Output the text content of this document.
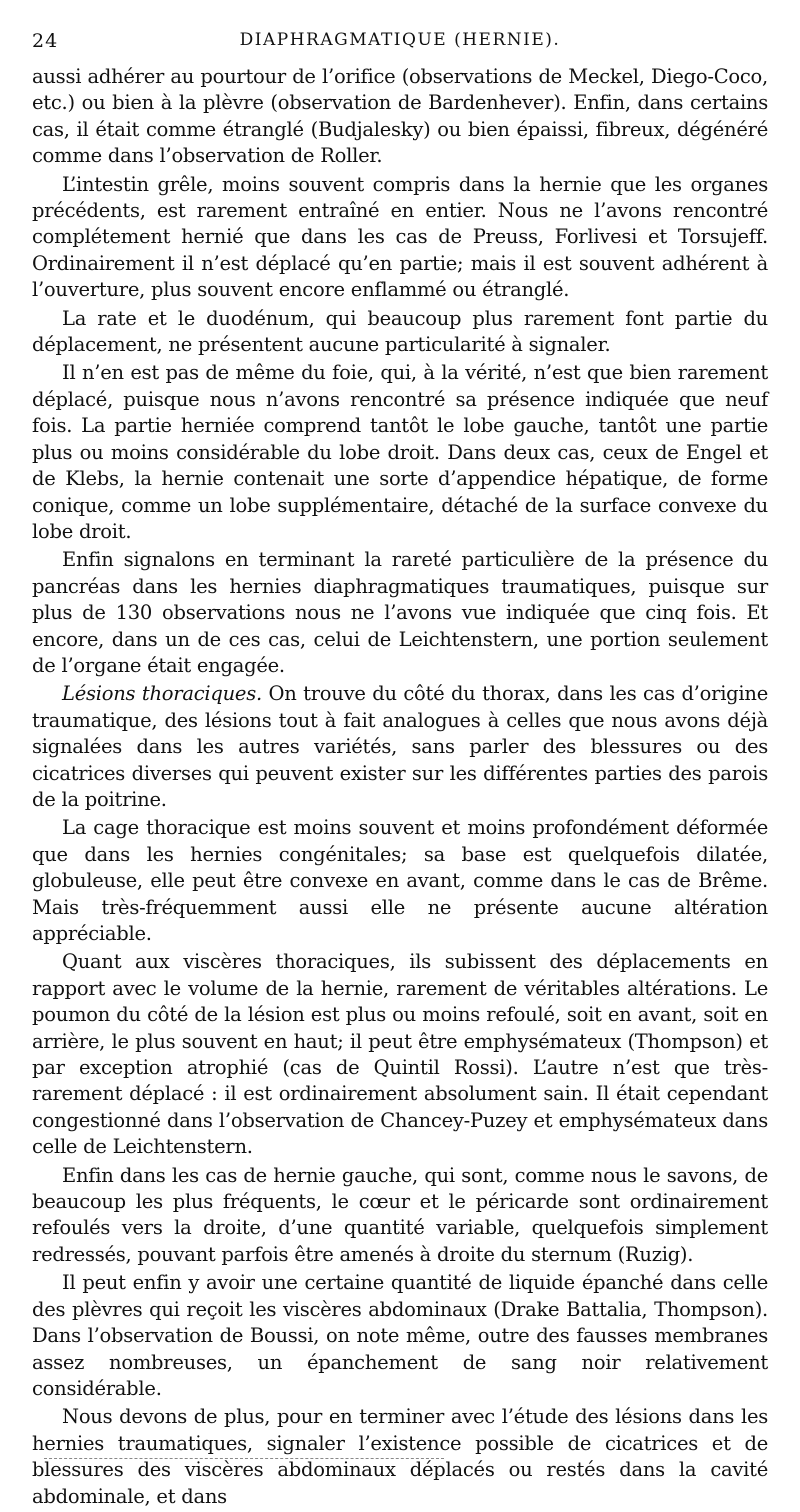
24	DIAPHRAGMATIQUE (HERNIE).

aussi adhérer au pourtour de l’orifice (observations de Meckel, Diego-Coco, etc.) ou bien à la plèvre (observation de Bardenhever). Enfin, dans certains cas, il était comme étranglé (Budjalesky) ou bien épaissi, fibreux, dégénéré comme dans l’observation de Roller.

L’intestin grêle, moins souvent compris dans la hernie que les organes précédents, est rarement entraîné en entier. Nous ne l’avons rencontré complétement hernié que dans les cas de Preuss, Forlivesi et Torsujeff. Ordinairement il n’est déplacé qu’en partie; mais il est souvent adhérent à l’ouverture, plus souvent encore enflammé ou étranglé.

La rate et le duodénum, qui beaucoup plus rarement font partie du déplacement, ne présentent aucune particularité à signaler.

Il n’en est pas de même du foie, qui, à la vérité, n’est que bien rarement déplacé, puisque nous n’avons rencontré sa présence indiquée que neuf fois. La partie herniée comprend tantôt le lobe gauche, tantôt une partie plus ou moins considérable du lobe droit. Dans deux cas, ceux de Engel et de Klebs, la hernie contenait une sorte d’appendice hépatique, de forme conique, comme un lobe supplémentaire, détaché de la surface convexe du lobe droit.

Enfin signalons en terminant la rareté particulière de la présence du pancréas dans les hernies diaphragmatiques traumatiques, puisque sur plus de 130 observations nous ne l’avons vue indiquée que cinq fois. Et encore, dans un de ces cas, celui de Leichtenstern, une portion seulement de l’organe était engagée.

Lésions thoraciques. On trouve du côté du thorax, dans les cas d’origine traumatique, des lésions tout à fait analogues à celles que nous avons déjà signalées dans les autres variétés, sans parler des blessures ou des cicatrices diverses qui peuvent exister sur les différentes parties des parois de la poitrine.

La cage thoracique est moins souvent et moins profondément déformée que dans les hernies congénitales; sa base est quelquefois dilatée, globuleuse, elle peut être convexe en avant, comme dans le cas de Brême. Mais très-fréquemment aussi elle ne présente aucune altération appréciable.

Quant aux viscères thoraciques, ils subissent des déplacements en rapport avec le volume de la hernie, rarement de véritables altérations. Le poumon du côté de la lésion est plus ou moins refoulé, soit en avant, soit en arrière, le plus souvent en haut; il peut être emphysémateux (Thompson) et par exception atrophié (cas de Quintil Rossi). L’autre n’est que très-rarement déplacé : il est ordinairement absolument sain. Il était cependant congestionné dans l’observation de Chancey-Puzey et emphysémateux dans celle de Leichtenstern.

Enfin dans les cas de hernie gauche, qui sont, comme nous le savons, de beaucoup les plus fréquents, le cœur et le péricarde sont ordinairement refoulés vers la droite, d’une quantité variable, quelquefois simplement redressés, pouvant parfois être amenés à droite du sternum (Ruzig).

Il peut enfin y avoir une certaine quantité de liquide épanché dans celle des plèvres qui reçoit les viscères abdominaux (Drake Battalia, Thompson). Dans l’observation de Boussi, on note même, outre des fausses membranes assez nombreuses, un épanchement de sang noir relativement considérable.

Nous devons de plus, pour en terminer avec l’étude des lésions dans les hernies traumatiques, signaler l’existence possible de cicatrices et de blessures des viscères abdominaux déplacés ou restés dans la cavité abdominale, et dans
